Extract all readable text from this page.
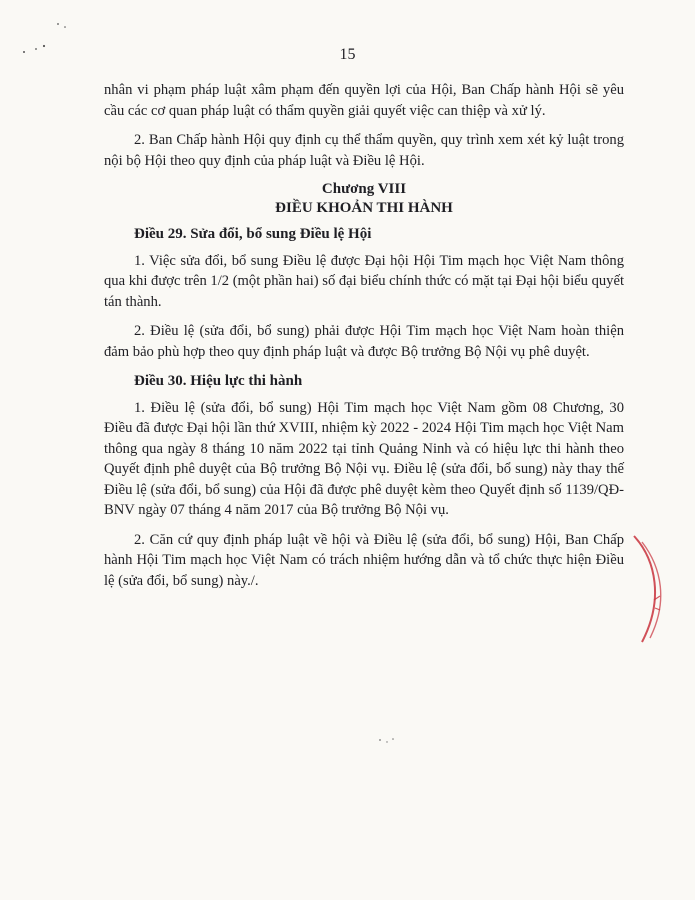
15

nhân vi phạm pháp luật xâm phạm đến quyền lợi của Hội, Ban Chấp hành Hội sẽ yêu cầu các cơ quan pháp luật có thẩm quyền giải quyết việc can thiệp và xử lý.

2. Ban Chấp hành Hội quy định cụ thể thẩm quyền, quy trình xem xét kỷ luật trong nội bộ Hội theo quy định của pháp luật và Điều lệ Hội.

Chương VIII
ĐIỀU KHOẢN THI HÀNH

Điều 29. Sửa đổi, bổ sung Điều lệ Hội

1. Việc sửa đổi, bổ sung Điều lệ được Đại hội Hội Tim mạch học Việt Nam thông qua khi được trên 1/2 (một phần hai) số đại biểu chính thức có mặt tại Đại hội biểu quyết tán thành.

2. Điều lệ (sửa đổi, bổ sung) phải được Hội Tim mạch học Việt Nam hoàn thiện đảm bảo phù hợp theo quy định pháp luật và được Bộ trưởng Bộ Nội vụ phê duyệt.

Điều 30. Hiệu lực thi hành

1. Điều lệ (sửa đổi, bổ sung) Hội Tim mạch học Việt Nam gồm 08 Chương, 30 Điều đã được Đại hội lần thứ XVIII, nhiệm kỳ 2022 - 2024 Hội Tim mạch học Việt Nam thông qua ngày 8 tháng 10 năm 2022 tại tỉnh Quảng Ninh và có hiệu lực thi hành theo Quyết định phê duyệt của Bộ trưởng Bộ Nội vụ. Điều lệ (sửa đổi, bổ sung) này thay thế Điều lệ (sửa đổi, bổ sung) của Hội đã được phê duyệt kèm theo Quyết định số 1139/QĐ-BNV ngày 07 tháng 4 năm 2017 của Bộ trưởng Bộ Nội vụ.

2. Căn cứ quy định pháp luật về hội và Điều lệ (sửa đổi, bổ sung) Hội, Ban Chấp hành Hội Tim mạch học Việt Nam có trách nhiệm hướng dẫn và tổ chức thực hiện Điều lệ (sửa đổi, bổ sung) này./.
